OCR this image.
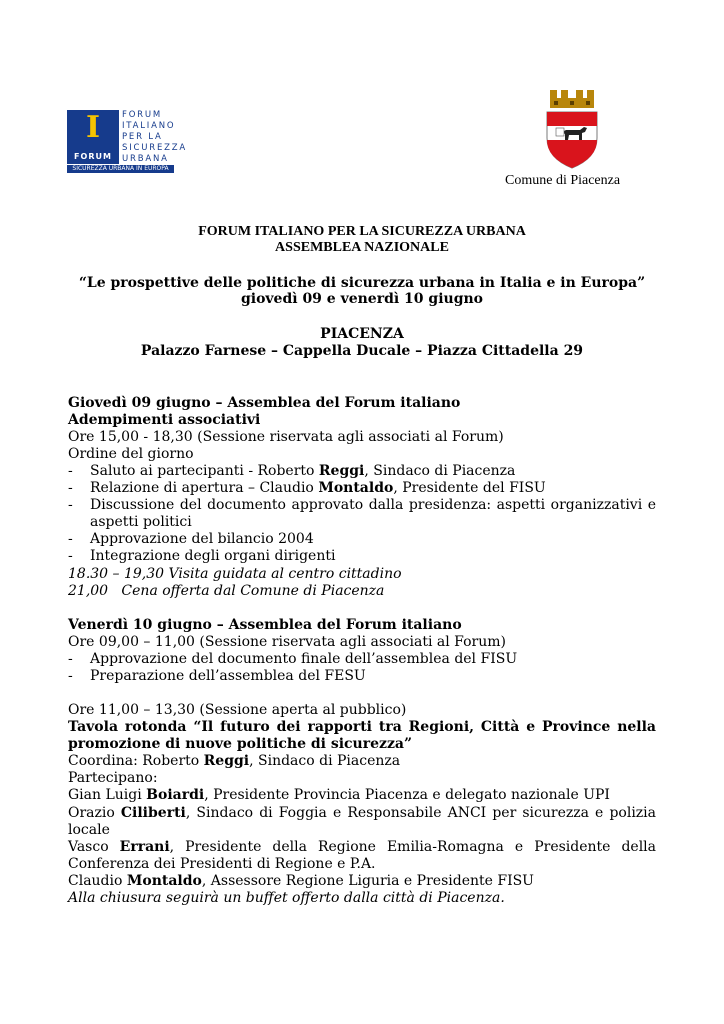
I
FORUM
FORUM
ITALIANO
PER LA
SICUREZZA
URBANA
SICUREZZA URBANA IN EUROPA
Comune di Piacenza
FORUM ITALIANO PER LA SICUREZZA URBANA
ASSEMBLEA NAZIONALE
“Le prospettive delle politiche di sicurezza urbana in Italia e in Europa”
giovedì 09 e venerdì 10 giugno
PIACENZA
Palazzo Farnese – Cappella Ducale – Piazza Cittadella 29
Giovedì 09 giugno – Assemblea del Forum italiano
Adempimenti associativi
Ore 15,00 - 18,30 (Sessione riservata agli associati al Forum)
Ordine del giorno
- Saluto ai partecipanti - Roberto Reggi, Sindaco di Piacenza
- Relazione di apertura – Claudio Montaldo, Presidente del FISU
- Discussione del documento approvato dalla presidenza: aspetti organizzativi e
aspetti politici
- Approvazione del bilancio 2004
- Integrazione degli organi dirigenti
18.30 – 19,30 Visita guidata al centro cittadino
21,00   Cena offerta dal Comune di Piacenza
Venerdì 10 giugno – Assemblea del Forum italiano
Ore 09,00 – 11,00 (Sessione riservata agli associati al Forum)
- Approvazione del documento finale dell’assemblea del FISU
- Preparazione dell’assemblea del FESU
Ore 11,00 – 13,30 (Sessione aperta al pubblico)
Tavola rotonda “Il futuro dei rapporti tra Regioni, Città e Province nella
promozione di nuove politiche di sicurezza”
Coordina: Roberto Reggi, Sindaco di Piacenza
Partecipano:
Gian Luigi Boiardi, Presidente Provincia Piacenza e delegato nazionale UPI
Orazio Ciliberti, Sindaco di Foggia e Responsabile ANCI per sicurezza e polizia
locale
Vasco Errani, Presidente della Regione Emilia-Romagna e Presidente della
Conferenza dei Presidenti di Regione e P.A.
Claudio Montaldo, Assessore Regione Liguria e Presidente FISU
Alla chiusura seguirà un buffet offerto dalla città di Piacenza.
